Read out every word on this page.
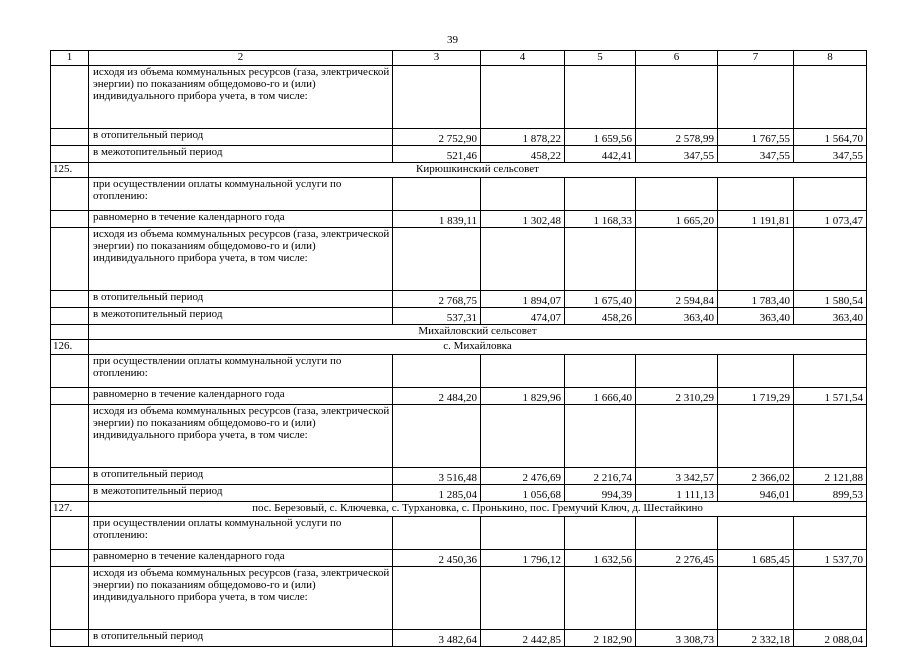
39
1	2	3	4	5	6	7	8
	исходя из объема коммунальных ресурсов (газа, электрической энергии) по показаниям общедомово-го и (или) индивидуального прибора учета, в том числе:						
	в отопительный период	2 752,90	1 878,22	1 659,56	2 578,99	1 767,55	1 564,70
	в межотопительный период	521,46	458,22	442,41	347,55	347,55	347,55
125.	Кирюшкинский сельсовет						
	при осуществлении оплаты коммунальной услуги по отоплению:						
	равномерно в течение календарного года	1 839,11	1 302,48	1 168,33	1 665,20	1 191,81	1 073,47
	исходя из объема коммунальных ресурсов (газа, электрической энергии) по показаниям общедомово-го и (или) индивидуального прибора учета, в том числе:						
	в отопительный период	2 768,75	1 894,07	1 675,40	2 594,84	1 783,40	1 580,54
	в межотопительный период	537,31	474,07	458,26	363,40	363,40	363,40
	Михайловский сельсовет						
126.	с. Михайловка						
	при осуществлении оплаты коммунальной услуги по отоплению:						
	равномерно в течение календарного года	2 484,20	1 829,96	1 666,40	2 310,29	1 719,29	1 571,54
	исходя из объема коммунальных ресурсов (газа, электрической энергии) по показаниям общедомово-го и (или) индивидуального прибора учета, в том числе:						
	в отопительный период	3 516,48	2 476,69	2 216,74	3 342,57	2 366,02	2 121,88
	в межотопительный период	1 285,04	1 056,68	994,39	1 111,13	946,01	899,53
127.	пос. Березовый, с. Ключевка, с. Турхановка, с. Пронькино, пос. Гремучий Ключ, д. Шестайкино						
	при осуществлении оплаты коммунальной услуги по отоплению:						
	равномерно в течение календарного года	2 450,36	1 796,12	1 632,56	2 276,45	1 685,45	1 537,70
	исходя из объема коммунальных ресурсов (газа, электрической энергии) по показаниям общедомово-го и (или) индивидуального прибора учета, в том числе:						
	в отопительный период	3 482,64	2 442,85	2 182,90	3 308,73	2 332,18	2 088,04
